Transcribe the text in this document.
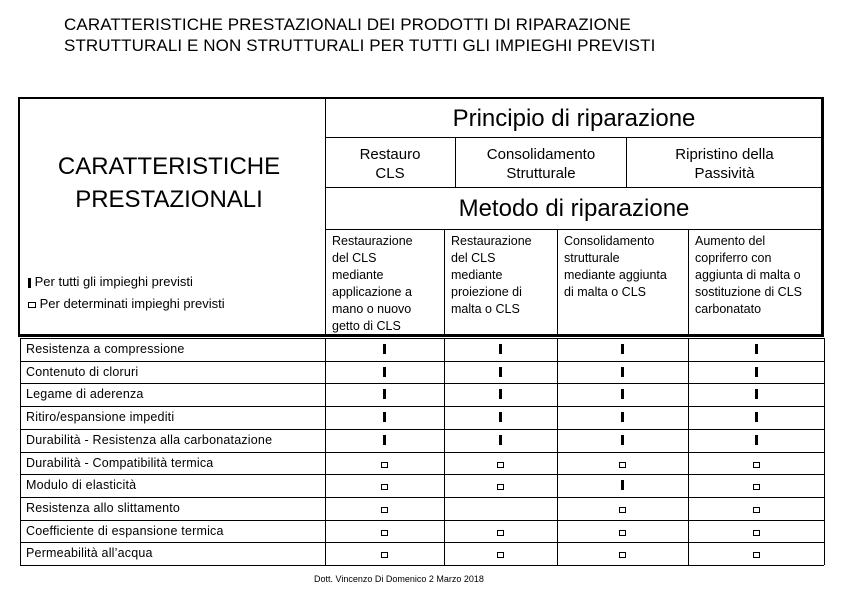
CARATTERISTICHE PRESTAZIONALI DEI PRODOTTI DI RIPARAZIONE
STRUTTURALI E NON STRUTTURALI PER TUTTI GLI IMPIEGHI PREVISTI
CARATTERISTICHE
PRESTAZIONALI
Per tutti gli impieghi previsti
Per determinati impieghi previsti
Principio di riparazione
Restauro
CLS
Consolidamento
Strutturale
Ripristino della
Passività
Metodo di riparazione
Restaurazione
del CLS
mediante
applicazione a
mano o nuovo
getto di CLS
Restaurazione
del CLS
mediante
proiezione di
malta o CLS
Consolidamento
strutturale
mediante aggiunta
di malta o CLS
Aumento del
copriferro con
aggiunta di malta o
sostituzione di CLS
carbonatato
Resistenza a compressione
Contenuto di cloruri
Legame di aderenza
Ritiro/espansione impediti
Durabilità - Resistenza alla carbonatazione
Durabilità - Compatibilità termica
Modulo di elasticità
Resistenza allo slittamento
Coefficiente di espansione termica
Permeabilità all’acqua
Dott. Vincenzo Di Domenico 2 Marzo 2018
